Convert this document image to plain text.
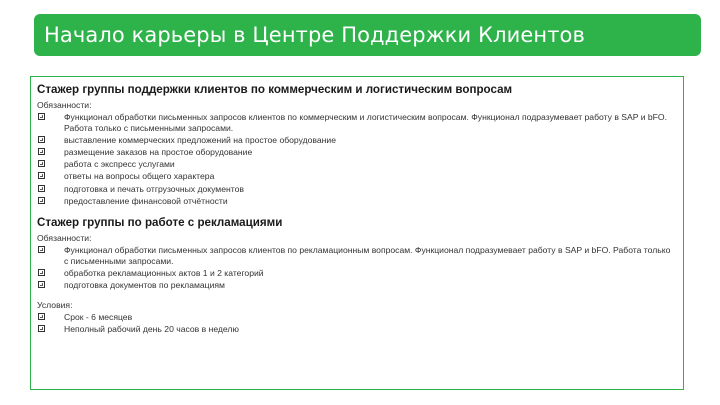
Начало карьеры в Центре Поддержки Клиентов

Стажер группы поддержки клиентов по коммерческим и логистическим вопросам

Обязанности:
Функционал обработки письменных запросов клиентов по коммерческим и логистическим вопросам. Функционал подразумевает работу в SAP и bFO. Работа только с письменными запросами.
выставление коммерческих предложений на простое оборудование
размещение заказов на простое оборудование
работа с экспресс услугами
ответы на вопросы общего характера
подготовка и печать отгрузочных документов
предоставление финансовой отчётности

Стажер группы по работе с рекламациями

Обязанности:
Функционал обработки письменных запросов клиентов по рекламационным вопросам. Функционал подразумевает работу в SAP и bFO. Работа только с письменными запросами.
обработка рекламационных актов 1 и 2 категорий
подготовка документов по рекламациям
Условия:
Срок - 6 месяцев
Неполный рабочий день 20 часов в неделю
